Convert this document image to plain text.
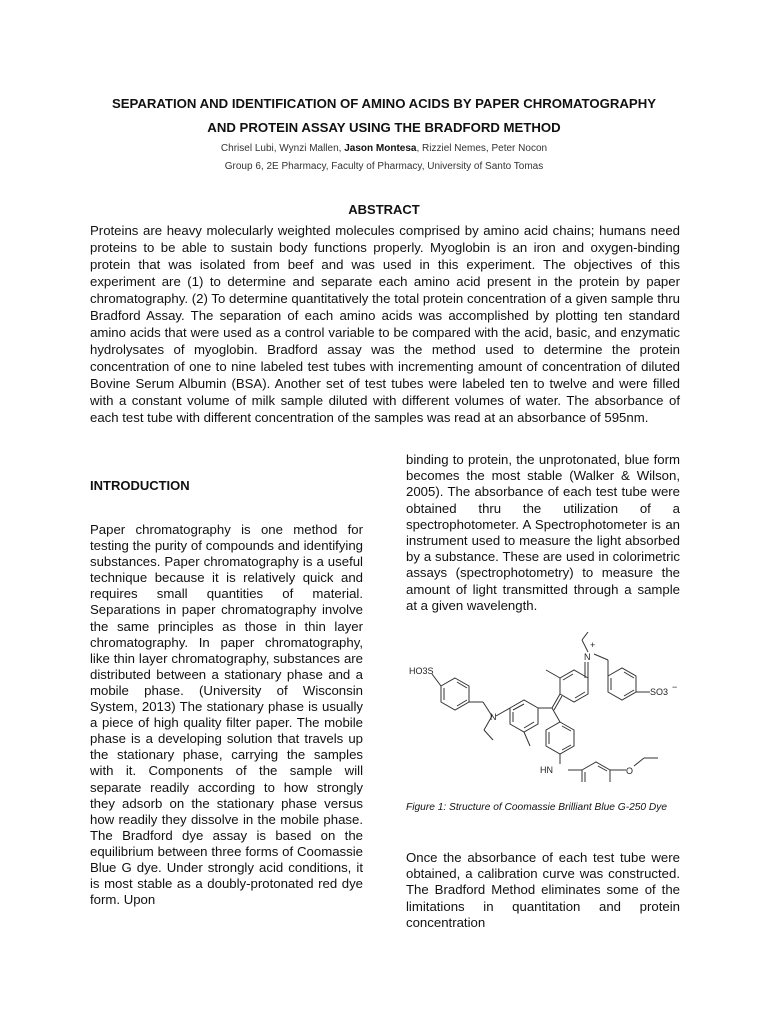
SEPARATION AND IDENTIFICATION OF AMINO ACIDS BY PAPER CHROMATOGRAPHY
AND PROTEIN ASSAY USING THE BRADFORD METHOD
Chrisel Lubi, Wynzi Mallen, Jason Montesa, Rizziel Nemes, Peter Nocon
Group 6, 2E Pharmacy, Faculty of Pharmacy, University of Santo Tomas
ABSTRACT
Proteins are heavy molecularly weighted molecules comprised by amino acid chains; humans need proteins to be able to sustain body functions properly. Myoglobin is an iron and oxygen-binding protein that was isolated from beef and was used in this experiment. The objectives of this experiment are (1) to determine and separate each amino acid present in the protein by paper chromatography. (2) To determine quantitatively the total protein concentration of a given sample thru Bradford Assay. The separation of each amino acids was accomplished by plotting ten standard amino acids that were used as a control variable to be compared with the acid, basic, and enzymatic hydrolysates of myoglobin. Bradford assay was the method used to determine the protein concentration of one to nine labeled test tubes with incrementing amount of concentration of diluted Bovine Serum Albumin (BSA). Another set of test tubes were labeled ten to twelve and were filled with a constant volume of milk sample diluted with different volumes of water. The absorbance of each test tube with different concentration of the samples was read at an absorbance of 595nm.
INTRODUCTION
Paper chromatography is one method for testing the purity of compounds and identifying substances. Paper chromatography is a useful technique because it is relatively quick and requires small quantities of material. Separations in paper chromatography involve the same principles as those in thin layer chromatography. In paper chromatography, like thin layer chromatography, substances are distributed between a stationary phase and a mobile phase. (University of Wisconsin System, 2013) The stationary phase is usually a piece of high quality filter paper. The mobile phase is a developing solution that travels up the stationary phase, carrying the samples with it. Components of the sample will separate readily according to how strongly they adsorb on the stationary phase versus how readily they dissolve in the mobile phase. The Bradford dye assay is based on the equilibrium between three forms of Coomassie Blue G dye. Under strongly acid conditions, it is most stable as a doubly-protonated red dye form. Upon
binding to protein, the unprotonated, blue form becomes the most stable (Walker & Wilson, 2005). The absorbance of each test tube were obtained thru the utilization of a spectrophotometer. A Spectrophotometer is an instrument used to measure the light absorbed by a substance. These are used in colorimetric assays (spectrophotometry) to measure the amount of light transmitted through a sample at a given wavelength.
HO3S
SO3 −
N
N
+
HN	O
Figure 1: Structure of Coomassie Brilliant Blue G-250 Dye
Once the absorbance of each test tube were obtained, a calibration curve was constructed. The Bradford Method eliminates some of the limitations in quantitation and protein concentration
